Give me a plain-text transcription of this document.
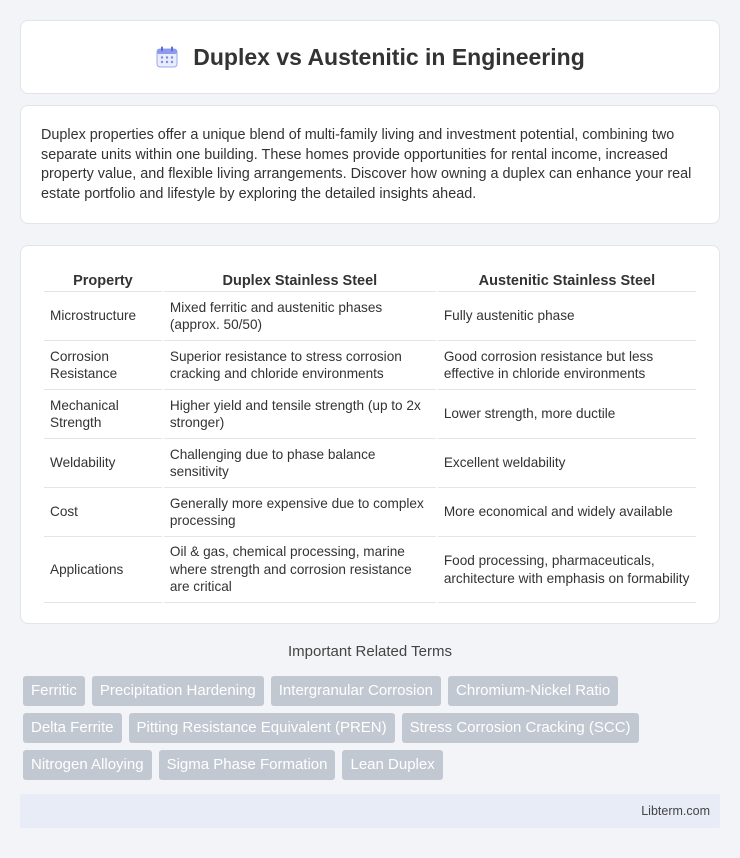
Duplex vs Austenitic in Engineering

Duplex properties offer a unique blend of multi-family living and investment potential, combining two separate units within one building. These homes provide opportunities for rental income, increased property value, and flexible living arrangements. Discover how owning a duplex can enhance your real estate portfolio and lifestyle by exploring the detailed insights ahead.

Property	Duplex Stainless Steel	Austenitic Stainless Steel
Microstructure	Mixed ferritic and austenitic phases (approx. 50/50)	Fully austenitic phase
Corrosion Resistance	Superior resistance to stress corrosion cracking and chloride environments	Good corrosion resistance but less effective in chloride environments
Mechanical Strength	Higher yield and tensile strength (up to 2x stronger)	Lower strength, more ductile
Weldability	Challenging due to phase balance sensitivity	Excellent weldability
Cost	Generally more expensive due to complex processing	More economical and widely available
Applications	Oil & gas, chemical processing, marine where strength and corrosion resistance are critical	Food processing, pharmaceuticals, architecture with emphasis on formability
Important Related Terms
Ferritic	Precipitation Hardening	Intergranular Corrosion	Chromium-Nickel Ratio
Delta Ferrite	Pitting Resistance Equivalent (PREN)	Stress Corrosion Cracking (SCC)
Nitrogen Alloying	Sigma Phase Formation	Lean Duplex
Libterm.com
